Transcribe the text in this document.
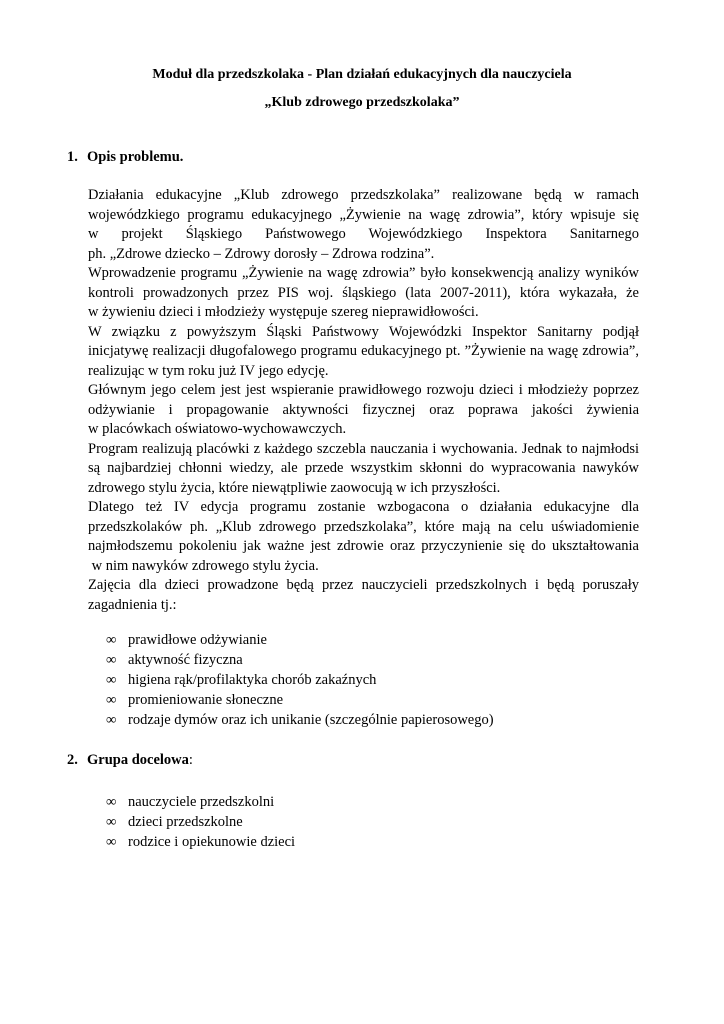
Moduł dla przedszkolaka - Plan działań edukacyjnych dla nauczyciela
„Klub zdrowego przedszkolaka”
1. Opis problemu.
Działania edukacyjne „Klub zdrowego przedszkolaka” realizowane będą w ramach
wojewódzkiego programu edukacyjnego „Żywienie na wagę zdrowia”, który wpisuje się
w projekt Śląskiego Państwowego Wojewódzkiego Inspektora Sanitarnego
ph. „Zdrowe dziecko – Zdrowy dorosły – Zdrowa rodzina”.
Wprowadzenie programu „Żywienie na wagę zdrowia” było konsekwencją analizy wyników
kontroli prowadzonych przez PIS woj. śląskiego (lata 2007-2011), która wykazała, że
w żywieniu dzieci i młodzieży występuje szereg nieprawidłowości.
W związku z powyższym Śląski Państwowy Wojewódzki Inspektor Sanitarny podjął
inicjatywę realizacji długofalowego programu edukacyjnego pt. ”Żywienie na wagę zdrowia”,
realizując w tym roku już IV jego edycję.
Głównym jego celem jest jest wspieranie prawidłowego rozwoju dzieci i młodzieży poprzez
odżywianie i propagowanie aktywności fizycznej oraz poprawa jakości żywienia
w placówkach oświatowo-wychowawczych.
Program realizują placówki z każdego szczebla nauczania i wychowania. Jednak to najmłodsi
są najbardziej chłonni wiedzy, ale przede wszystkim skłonni do wypracowania nawyków
zdrowego stylu życia, które niewątpliwie zaowocują w ich przyszłości.
Dlatego też IV edycja programu zostanie wzbogacona o działania edukacyjne dla
przedszkolaków ph. „Klub zdrowego przedszkolaka”, które mają na celu uświadomienie
najmłodszemu pokoleniu jak ważne jest zdrowie oraz przyczynienie się do ukształtowania
w nim nawyków zdrowego stylu życia.
Zajęcia dla dzieci prowadzone będą przez nauczycieli przedszkolnych i będą poruszały
zagadnienia tj.:
∞ prawidłowe odżywianie
∞ aktywność fizyczna
∞ higiena rąk/profilaktyka chorób zakaźnych
∞ promieniowanie słoneczne
∞ rodzaje dymów oraz ich unikanie (szczególnie papierosowego)
2. Grupa docelowa:
∞ nauczyciele przedszkolni
∞ dzieci przedszkolne
∞ rodzice i opiekunowie dzieci
